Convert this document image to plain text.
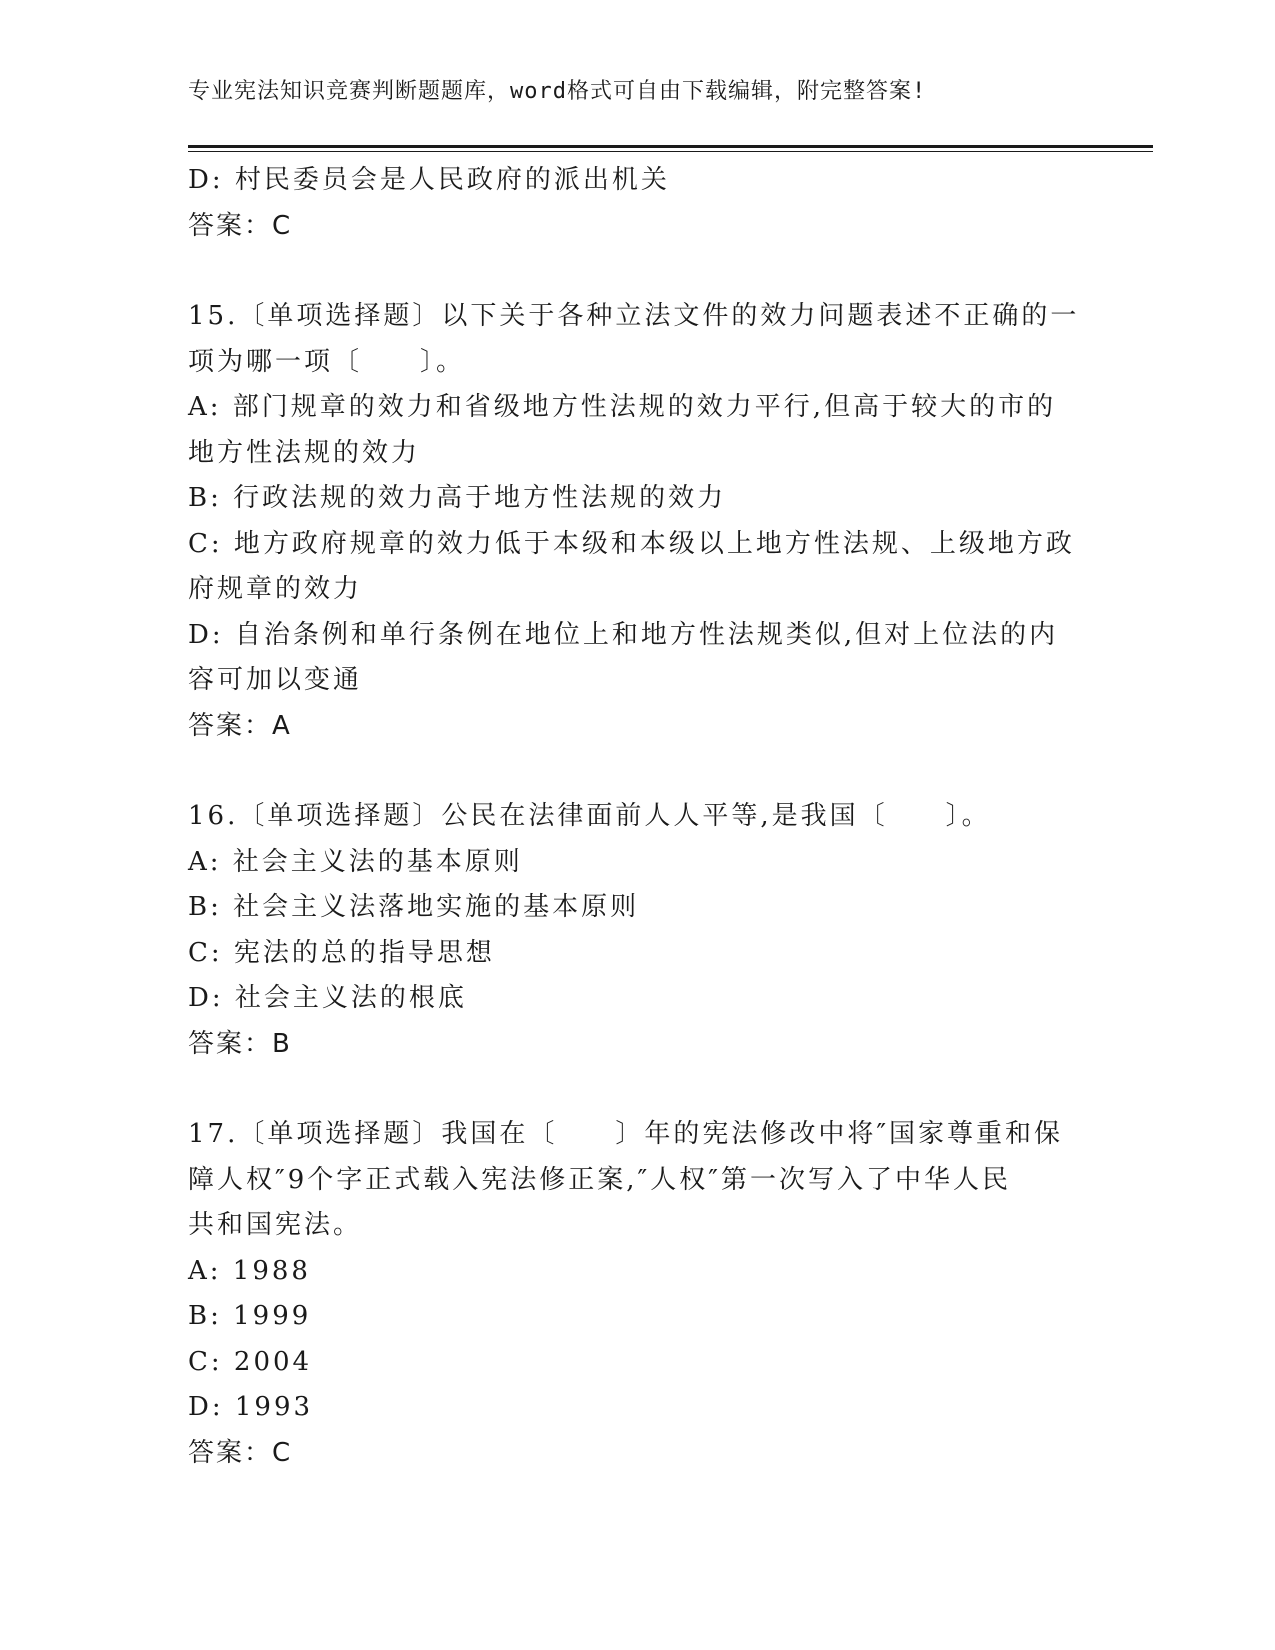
专业宪法知识竞赛判断题题库，word格式可自由下载编辑，附完整答案!
D: 村民委员会是人民政府的派出机关
答案：C
15.〔单项选择题〕以下关于各种立法文件的效力问题表述不正确的一
项为哪一项〔　　〕。
A: 部门规章的效力和省级地方性法规的效力平行,但高于较大的市的
地方性法规的效力
B: 行政法规的效力高于地方性法规的效力
C: 地方政府规章的效力低于本级和本级以上地方性法规、上级地方政
府规章的效力
D: 自治条例和单行条例在地位上和地方性法规类似,但对上位法的内
容可加以变通
答案：A
16.〔单项选择题〕公民在法律面前人人平等,是我国〔　　〕。
A: 社会主义法的基本原则
B: 社会主义法落地实施的基本原则
C: 宪法的总的指导思想
D: 社会主义法的根底
答案：B
17.〔单项选择题〕我国在〔　　〕年的宪法修改中将″国家尊重和保
障人权″9个字正式载入宪法修正案,″人权″第一次写入了中华人民
共和国宪法。
A: 1988
B: 1999
C: 2004
D: 1993
答案：C
